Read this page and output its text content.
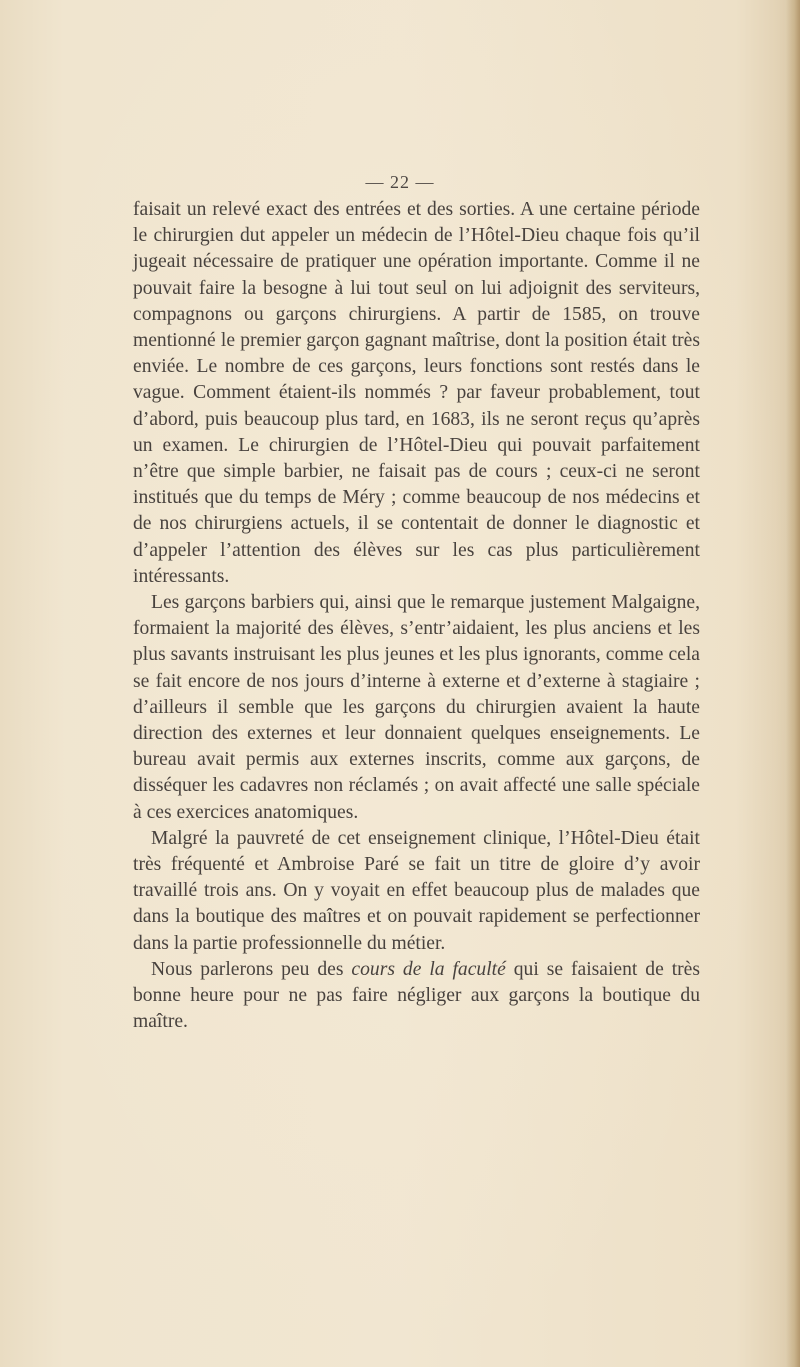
— 22 —

faisait un relevé exact des entrées et des sorties. A une certaine période le chirurgien dut appeler un médecin de l’Hôtel-Dieu chaque fois qu’il jugeait nécessaire de pratiquer une opération importante. Comme il ne pouvait faire la besogne à lui tout seul on lui adjoignit des serviteurs, compagnons ou garçons chirurgiens. A partir de 1585, on trouve mentionné le premier garçon gagnant maîtrise, dont la position était très enviée. Le nombre de ces garçons, leurs fonctions sont restés dans le vague. Comment étaient-ils nommés ? par faveur probablement, tout d’abord, puis beaucoup plus tard, en 1683, ils ne seront reçus qu’après un examen. Le chirurgien de l’Hôtel-Dieu qui pouvait parfaitement n’être que simple barbier, ne faisait pas de cours ; ceux-ci ne seront institués que du temps de Méry ; comme beaucoup de nos médecins et de nos chirurgiens actuels, il se contentait de donner le diagnostic et d’appeler l’attention des élèves sur les cas plus particulièrement intéressants.

Les garçons barbiers qui, ainsi que le remarque justement Malgaigne, formaient la majorité des élèves, s’entr’aidaient, les plus anciens et les plus savants instruisant les plus jeunes et les plus ignorants, comme cela se fait encore de nos jours d’interne à externe et d’externe à stagiaire ; d’ailleurs il semble que les garçons du chirurgien avaient la haute direction des externes et leur donnaient quelques enseignements. Le bureau avait permis aux externes inscrits, comme aux garçons, de disséquer les cadavres non réclamés ; on avait affecté une salle spéciale à ces exercices anatomiques.

Malgré la pauvreté de cet enseignement clinique, l’Hôtel-Dieu était très fréquenté et Ambroise Paré se fait un titre de gloire d’y avoir travaillé trois ans. On y voyait en effet beaucoup plus de malades que dans la boutique des maîtres et on pouvait rapidement se perfectionner dans la partie professionnelle du métier.

Nous parlerons peu des cours de la faculté qui se faisaient de très bonne heure pour ne pas faire négliger aux garçons la boutique du maître.
